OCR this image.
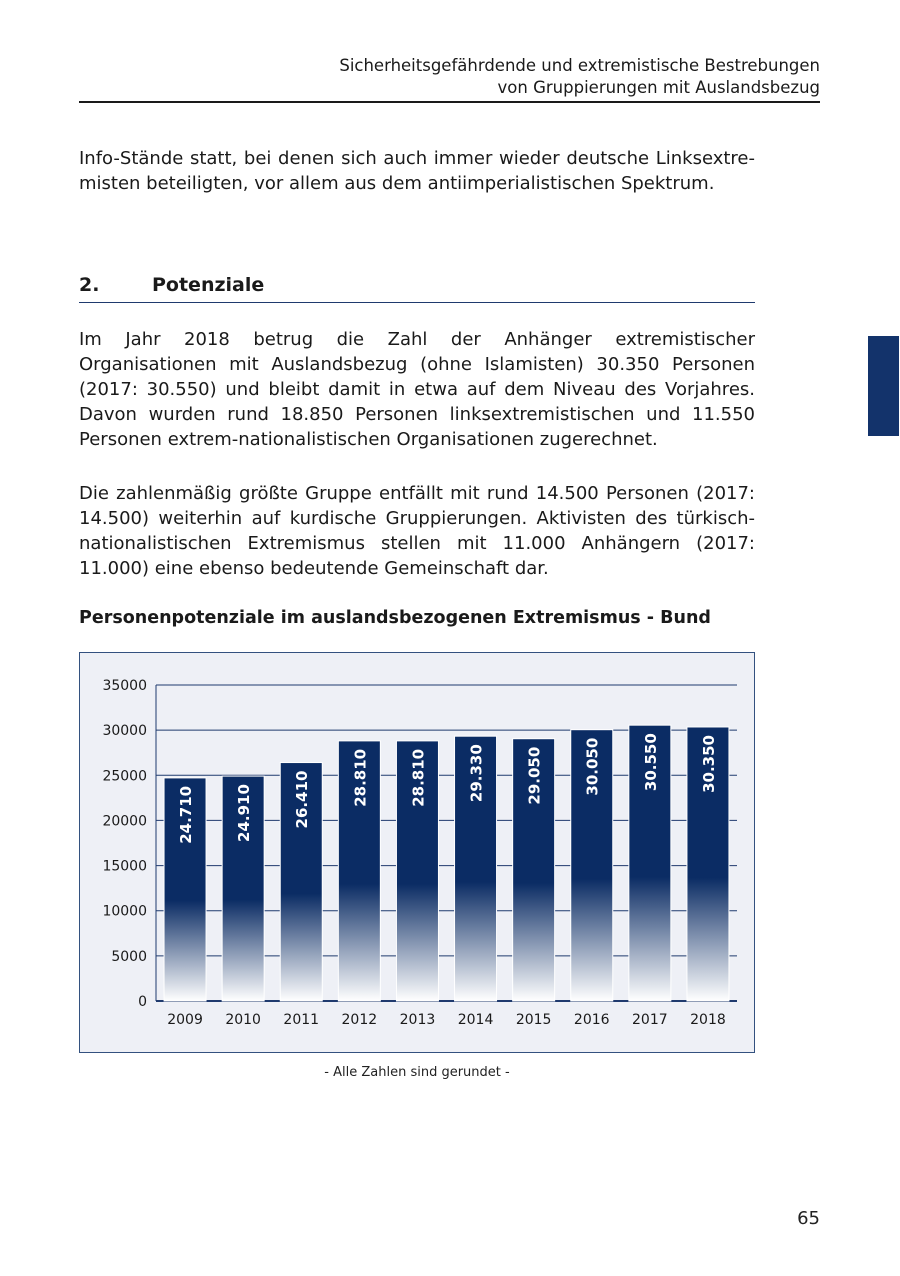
Sicherheitsgefährdende und extremistische Bestrebungen
von Gruppierungen mit Auslandsbezug

Info-Stände statt, bei denen sich auch immer wieder deutsche Linksextremisten beteiligten, vor allem aus dem antiimperialistischen Spektrum.

2.	Potenziale

Im Jahr 2018 betrug die Zahl der Anhänger extremistischer Organisationen mit Auslandsbezug (ohne Islamisten) 30.350 Personen (2017: 30.550) und bleibt damit in etwa auf dem Niveau des Vorjahres. Davon wurden rund 18.850 Personen linksextremistischen und 11.550 Personen extrem-nationalistischen Organisationen zugerechnet.

Die zahlenmäßig größte Gruppe entfällt mit rund 14.500 Personen (2017: 14.500) weiterhin auf kurdische Gruppierungen. Aktivisten des türkisch-nationalistischen Extremismus stellen mit 11.000 Anhängern (2017: 11.000) eine ebenso bedeutende Gemeinschaft dar.

Personenpotenziale im auslandsbezogenen Extremismus - Bund
0
5000
10000
15000
20000
25000
30000
35000
2009
24.710
2010
24.910
2011
26.410
2012
28.810
2013
28.810
2014
29.330
2015
29.050
2016
30.050
2017
30.550
2018
30.350
- Alle Zahlen sind gerundet -
65
